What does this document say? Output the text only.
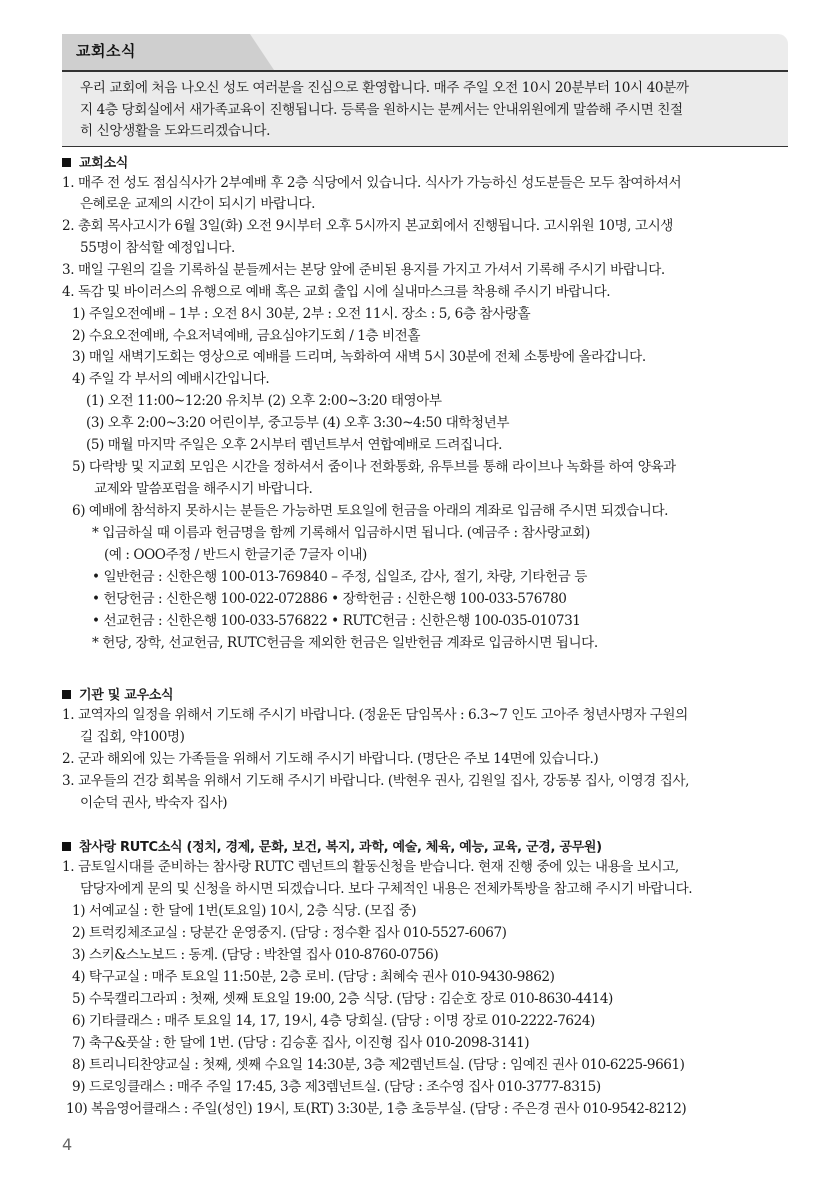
교회소식
우리 교회에 처음 나오신 성도 여러분을 진심으로 환영합니다. 매주 주일 오전 10시 20분부터 10시 40분까
지 4층 당회실에서 새가족교육이 진행됩니다. 등록을 원하시는 분께서는 안내위원에게 말씀해 주시면 친절
히 신앙생활을 도와드리겠습니다.
교회소식
1. 매주 전 성도 점심식사가 2부예배 후 2층 식당에서 있습니다. 식사가 가능하신 성도분들은 모두 참여하셔서
은혜로운 교제의 시간이 되시기 바랍니다.
2. 총회 목사고시가 6월 3일(화) 오전 9시부터 오후 5시까지 본교회에서 진행됩니다. 고시위원 10명, 고시생
55명이 참석할 예정입니다.
3. 매일 구원의 길을 기록하실 분들께서는 본당 앞에 준비된 용지를 가지고 가셔서 기록해 주시기 바랍니다.
4. 독감 및 바이러스의 유행으로 예배 혹은 교회 출입 시에 실내마스크를 착용해 주시기 바랍니다.
1) 주일오전예배 – 1부 : 오전 8시 30분, 2부 : 오전 11시. 장소 : 5, 6층 참사랑홀
2) 수요오전예배, 수요저녁예배, 금요심야기도회 / 1층 비전홀
3) 매일 새벽기도회는 영상으로 예배를 드리며, 녹화하여 새벽 5시 30분에 전체 소통방에 올라갑니다.
4) 주일 각 부서의 예배시간입니다.
(1) 오전 11:00~12:20 유치부 (2) 오후 2:00~3:20 태영아부
(3) 오후 2:00~3:20 어린이부, 중고등부 (4) 오후 3:30~4:50 대학청년부
(5) 매월 마지막 주일은 오후 2시부터 렘넌트부서 연합예배로 드려집니다.
5) 다락방 및 지교회 모임은 시간을 정하셔서 줌이나 전화통화, 유투브를 통해 라이브나 녹화를 하여 양육과
교제와 말씀포럼을 해주시기 바랍니다.
6) 예배에 참석하지 못하시는 분들은 가능하면 토요일에 헌금을 아래의 계좌로 입금해 주시면 되겠습니다.
* 입금하실 때 이름과 헌금명을 함께 기록해서 입금하시면 됩니다. (예금주 : 참사랑교회)
(예 : OOO주정 / 반드시 한글기준 7글자 이내)
• 일반헌금 : 신한은행 100-013-769840 – 주정, 십일조, 감사, 절기, 차량, 기타헌금 등
• 헌당헌금 : 신한은행 100-022-072886 • 장학헌금 : 신한은행 100-033-576780
• 선교헌금 : 신한은행 100-033-576822 • RUTC헌금 : 신한은행 100-035-010731
* 헌당, 장학, 선교헌금, RUTC헌금을 제외한 헌금은 일반헌금 계좌로 입금하시면 됩니다.
기관 및 교우소식
1. 교역자의 일정을 위해서 기도해 주시기 바랍니다. (정윤돈 담임목사 : 6.3~7 인도 고아주 청년사명자 구원의
길 집회, 약100명)
2. 군과 해외에 있는 가족들을 위해서 기도해 주시기 바랍니다. (명단은 주보 14면에 있습니다.)
3. 교우들의 건강 회복을 위해서 기도해 주시기 바랍니다. (박현우 권사, 김원일 집사, 강동봉 집사, 이영경 집사,
이순덕 권사, 박숙자 집사)
참사랑 RUTC소식 (정치, 경제, 문화, 보건, 복지, 과학, 예술, 체육, 예능, 교육, 군경, 공무원)
1. 금토일시대를 준비하는 참사랑 RUTC 렘넌트의 활동신청을 받습니다. 현재 진행 중에 있는 내용을 보시고,
담당자에게 문의 및 신청을 하시면 되겠습니다. 보다 구체적인 내용은 전체카톡방을 참고해 주시기 바랍니다.
1) 서예교실 : 한 달에 1번(토요일) 10시, 2층 식당. (모집 중)
2) 트럭킹체조교실 : 당분간 운영중지. (담당 : 정수환 집사 010-5527-6067)
3) 스키&스노보드 : 동계. (담당 : 박찬열 집사 010-8760-0756)
4) 탁구교실 : 매주 토요일 11:50분, 2층 로비. (담당 : 최혜숙 권사 010-9430-9862)
5) 수묵캘리그라피 : 첫째, 셋째 토요일 19:00, 2층 식당. (담당 : 김순호 장로 010-8630-4414)
6) 기타클래스 : 매주 토요일 14, 17, 19시, 4층 당회실. (담당 : 이명 장로 010-2222-7624)
7) 축구&풋살 : 한 달에 1번. (담당 : 김승훈 집사, 이진형 집사 010-2098-3141)
8) 트리니티찬양교실 : 첫째, 셋째 수요일 14:30분, 3층 제2렘넌트실. (담당 : 임예진 권사 010-6225-9661)
9) 드로잉클래스 : 매주 주일 17:45, 3층 제3렘넌트실. (담당 : 조수영 집사 010-3777-8315)
10) 복음영어클래스 : 주일(성인) 19시, 토(RT) 3:30분, 1층 초등부실. (담당 : 주은경 권사 010-9542-8212)
4
